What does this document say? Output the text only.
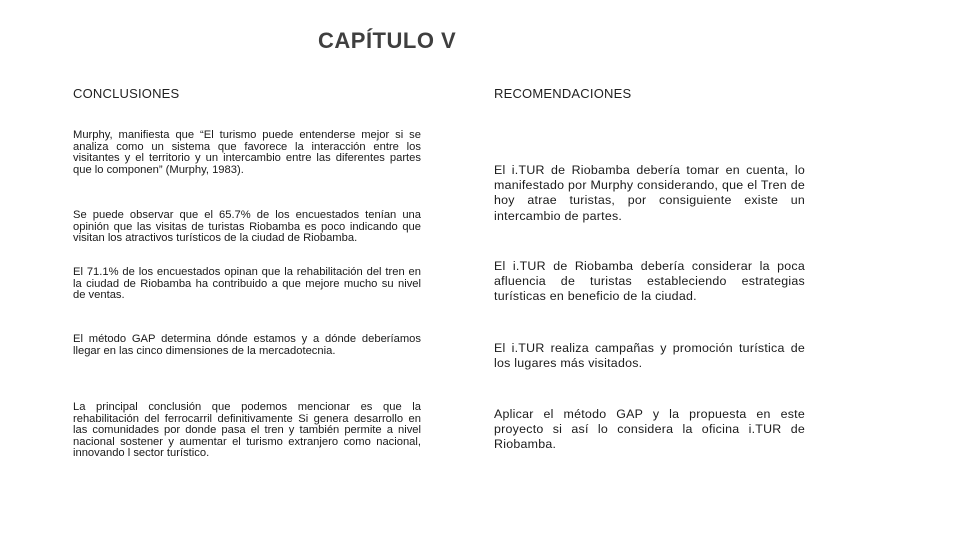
CAPÍTULO V
CONCLUSIONES	RECOMENDACIONES

Murphy, manifiesta que “El turismo puede entenderse mejor si se analiza como un sistema que favorece la interacción entre los visitantes y el territorio y un intercambio entre las diferentes partes que lo componen” (Murphy, 1983).

Se puede observar que el 65.7% de los encuestados tenían una opinión que las visitas de turistas Riobamba es poco indicando que visitan los atractivos turísticos de la ciudad de Riobamba.

El 71.1% de los encuestados opinan que la rehabilitación del tren en la ciudad de Riobamba ha contribuido a que mejore mucho su nivel de ventas.

El método GAP determina dónde estamos y a dónde deberíamos llegar en las cinco dimensiones de la mercadotecnia.

La principal conclusión que podemos mencionar es que la rehabilitación del ferrocarril definitivamente Si genera desarrollo en las comunidades por donde pasa el tren y también permite a nivel nacional sostener y aumentar el turismo extranjero como nacional, innovando l sector turístico.

El i.TUR de Riobamba debería tomar en cuenta, lo manifestado por Murphy considerando, que el Tren de hoy atrae turistas, por consiguiente existe un intercambio de partes.

El i.TUR de Riobamba debería considerar la poca afluencia de turistas estableciendo estrategias turísticas en beneficio de la ciudad.

El i.TUR realiza campañas y promoción turística de los lugares más visitados.

Aplicar el método GAP y la propuesta en este proyecto si así lo considera la oficina i.TUR de Riobamba.
